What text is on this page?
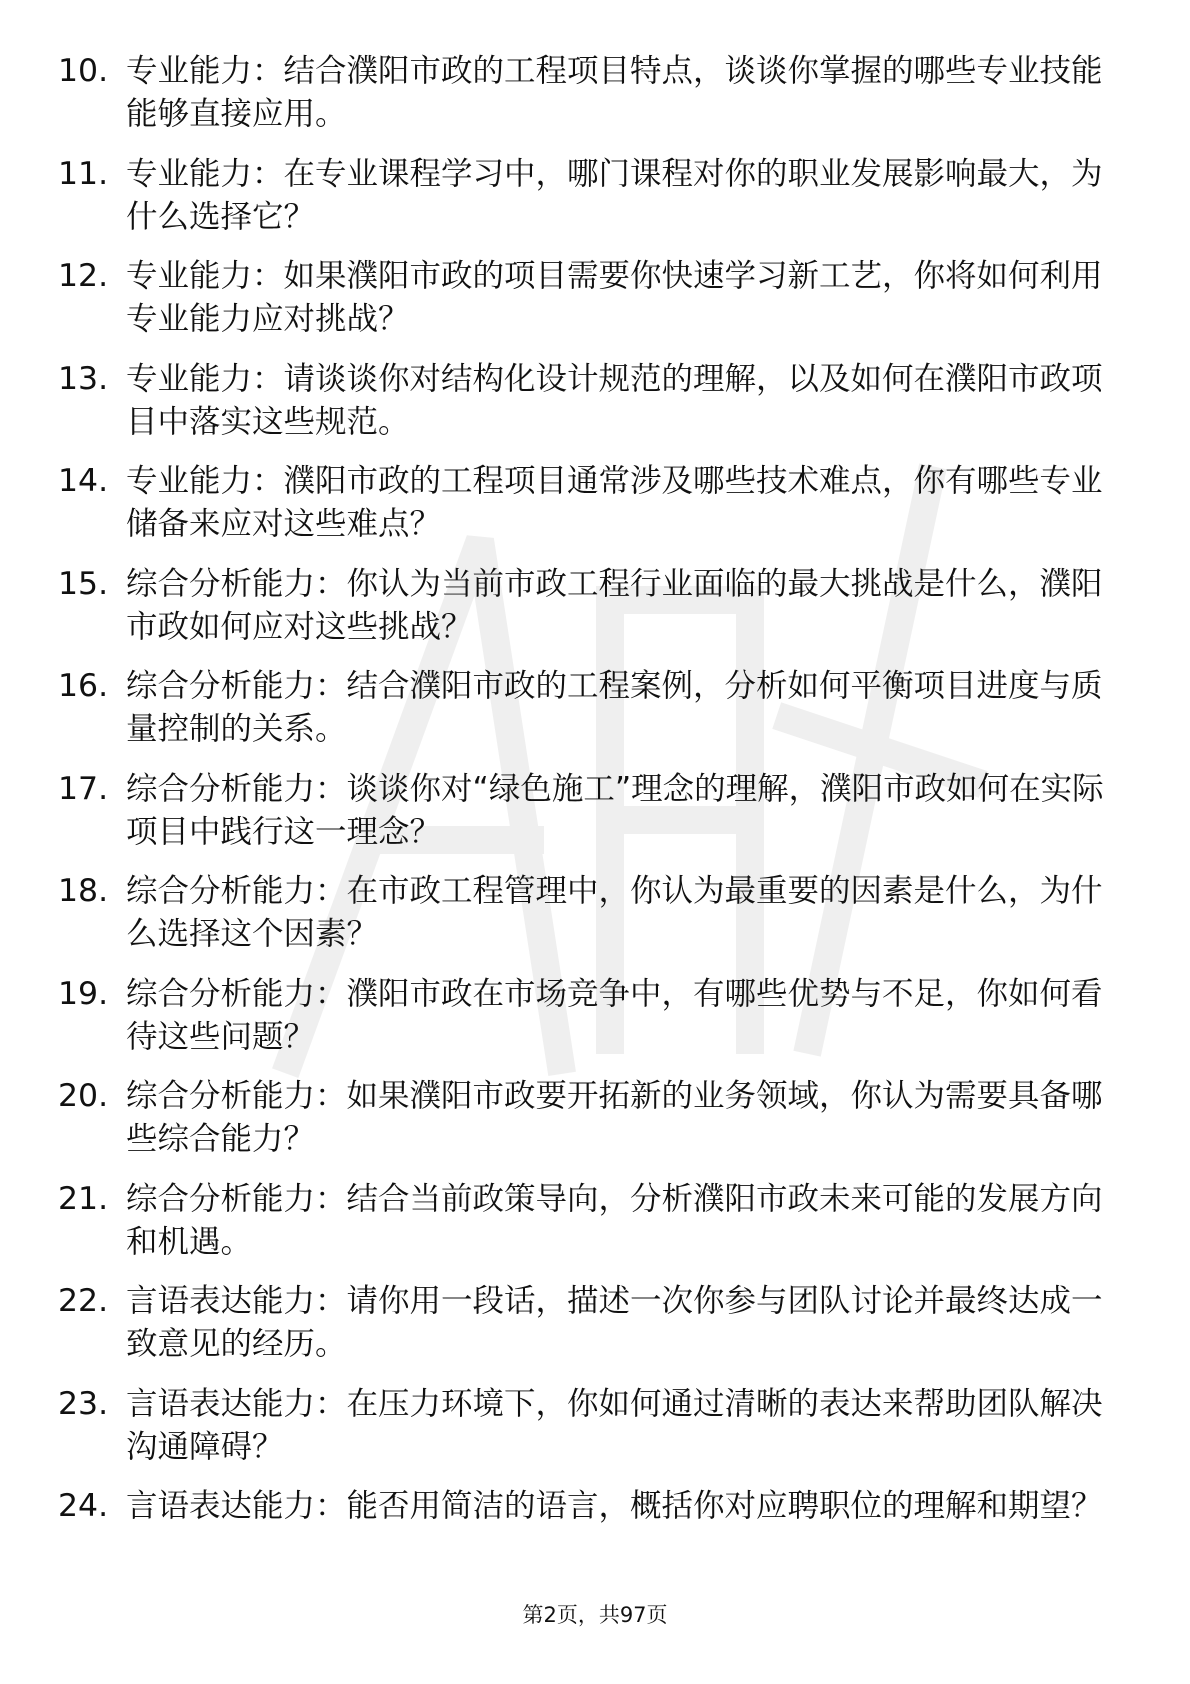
10. 专业能力：结合濮阳市政的工程项目特点，谈谈你掌握的哪些专业技能能够直接应用。
11. 专业能力：在专业课程学习中，哪门课程对你的职业发展影响最大，为什么选择它？
12. 专业能力：如果濮阳市政的项目需要你快速学习新工艺，你将如何利用专业能力应对挑战？
13. 专业能力：请谈谈你对结构化设计规范的理解，以及如何在濮阳市政项目中落实这些规范。
14. 专业能力：濮阳市政的工程项目通常涉及哪些技术难点，你有哪些专业储备来应对这些难点？
15. 综合分析能力：你认为当前市政工程行业面临的最大挑战是什么，濮阳市政如何应对这些挑战？
16. 综合分析能力：结合濮阳市政的工程案例，分析如何平衡项目进度与质量控制的关系。
17. 综合分析能力：谈谈你对“绿色施工”理念的理解，濮阳市政如何在实际项目中践行这一理念？
18. 综合分析能力：在市政工程管理中，你认为最重要的因素是什么，为什么选择这个因素？
19. 综合分析能力：濮阳市政在市场竞争中，有哪些优势与不足，你如何看待这些问题？
20. 综合分析能力：如果濮阳市政要开拓新的业务领域，你认为需要具备哪些综合能力？
21. 综合分析能力：结合当前政策导向，分析濮阳市政未来可能的发展方向和机遇。
22. 言语表达能力：请你用一段话，描述一次你参与团队讨论并最终达成一致意见的经历。
23. 言语表达能力：在压力环境下，你如何通过清晰的表达来帮助团队解决沟通障碍？
24. 言语表达能力：能否用简洁的语言，概括你对应聘职位的理解和期望？
第2页，共97页
